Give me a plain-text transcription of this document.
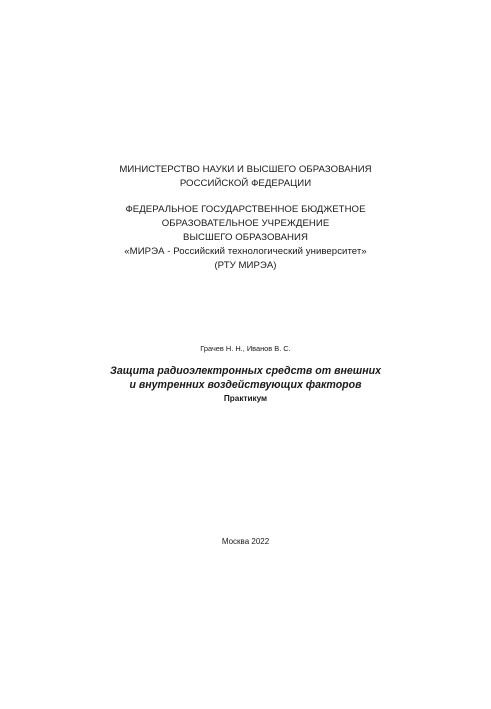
МИНИСТЕРСТВО НАУКИ И ВЫСШЕГО ОБРАЗОВАНИЯ
РОССИЙСКОЙ ФЕДЕРАЦИИ
ФЕДЕРАЛЬНОЕ ГОСУДАРСТВЕННОЕ БЮДЖЕТНОЕ
ОБРАЗОВАТЕЛЬНОЕ УЧРЕЖДЕНИЕ
ВЫСШЕГО ОБРАЗОВАНИЯ
«МИРЭА - Российский технологический университет»
(РТУ МИРЭА)
Грачев Н. Н., Иванов В. С.
Защита радиоэлектронных средств от внешних
и внутренних воздействующих факторов
Практикум
Москва 2022
